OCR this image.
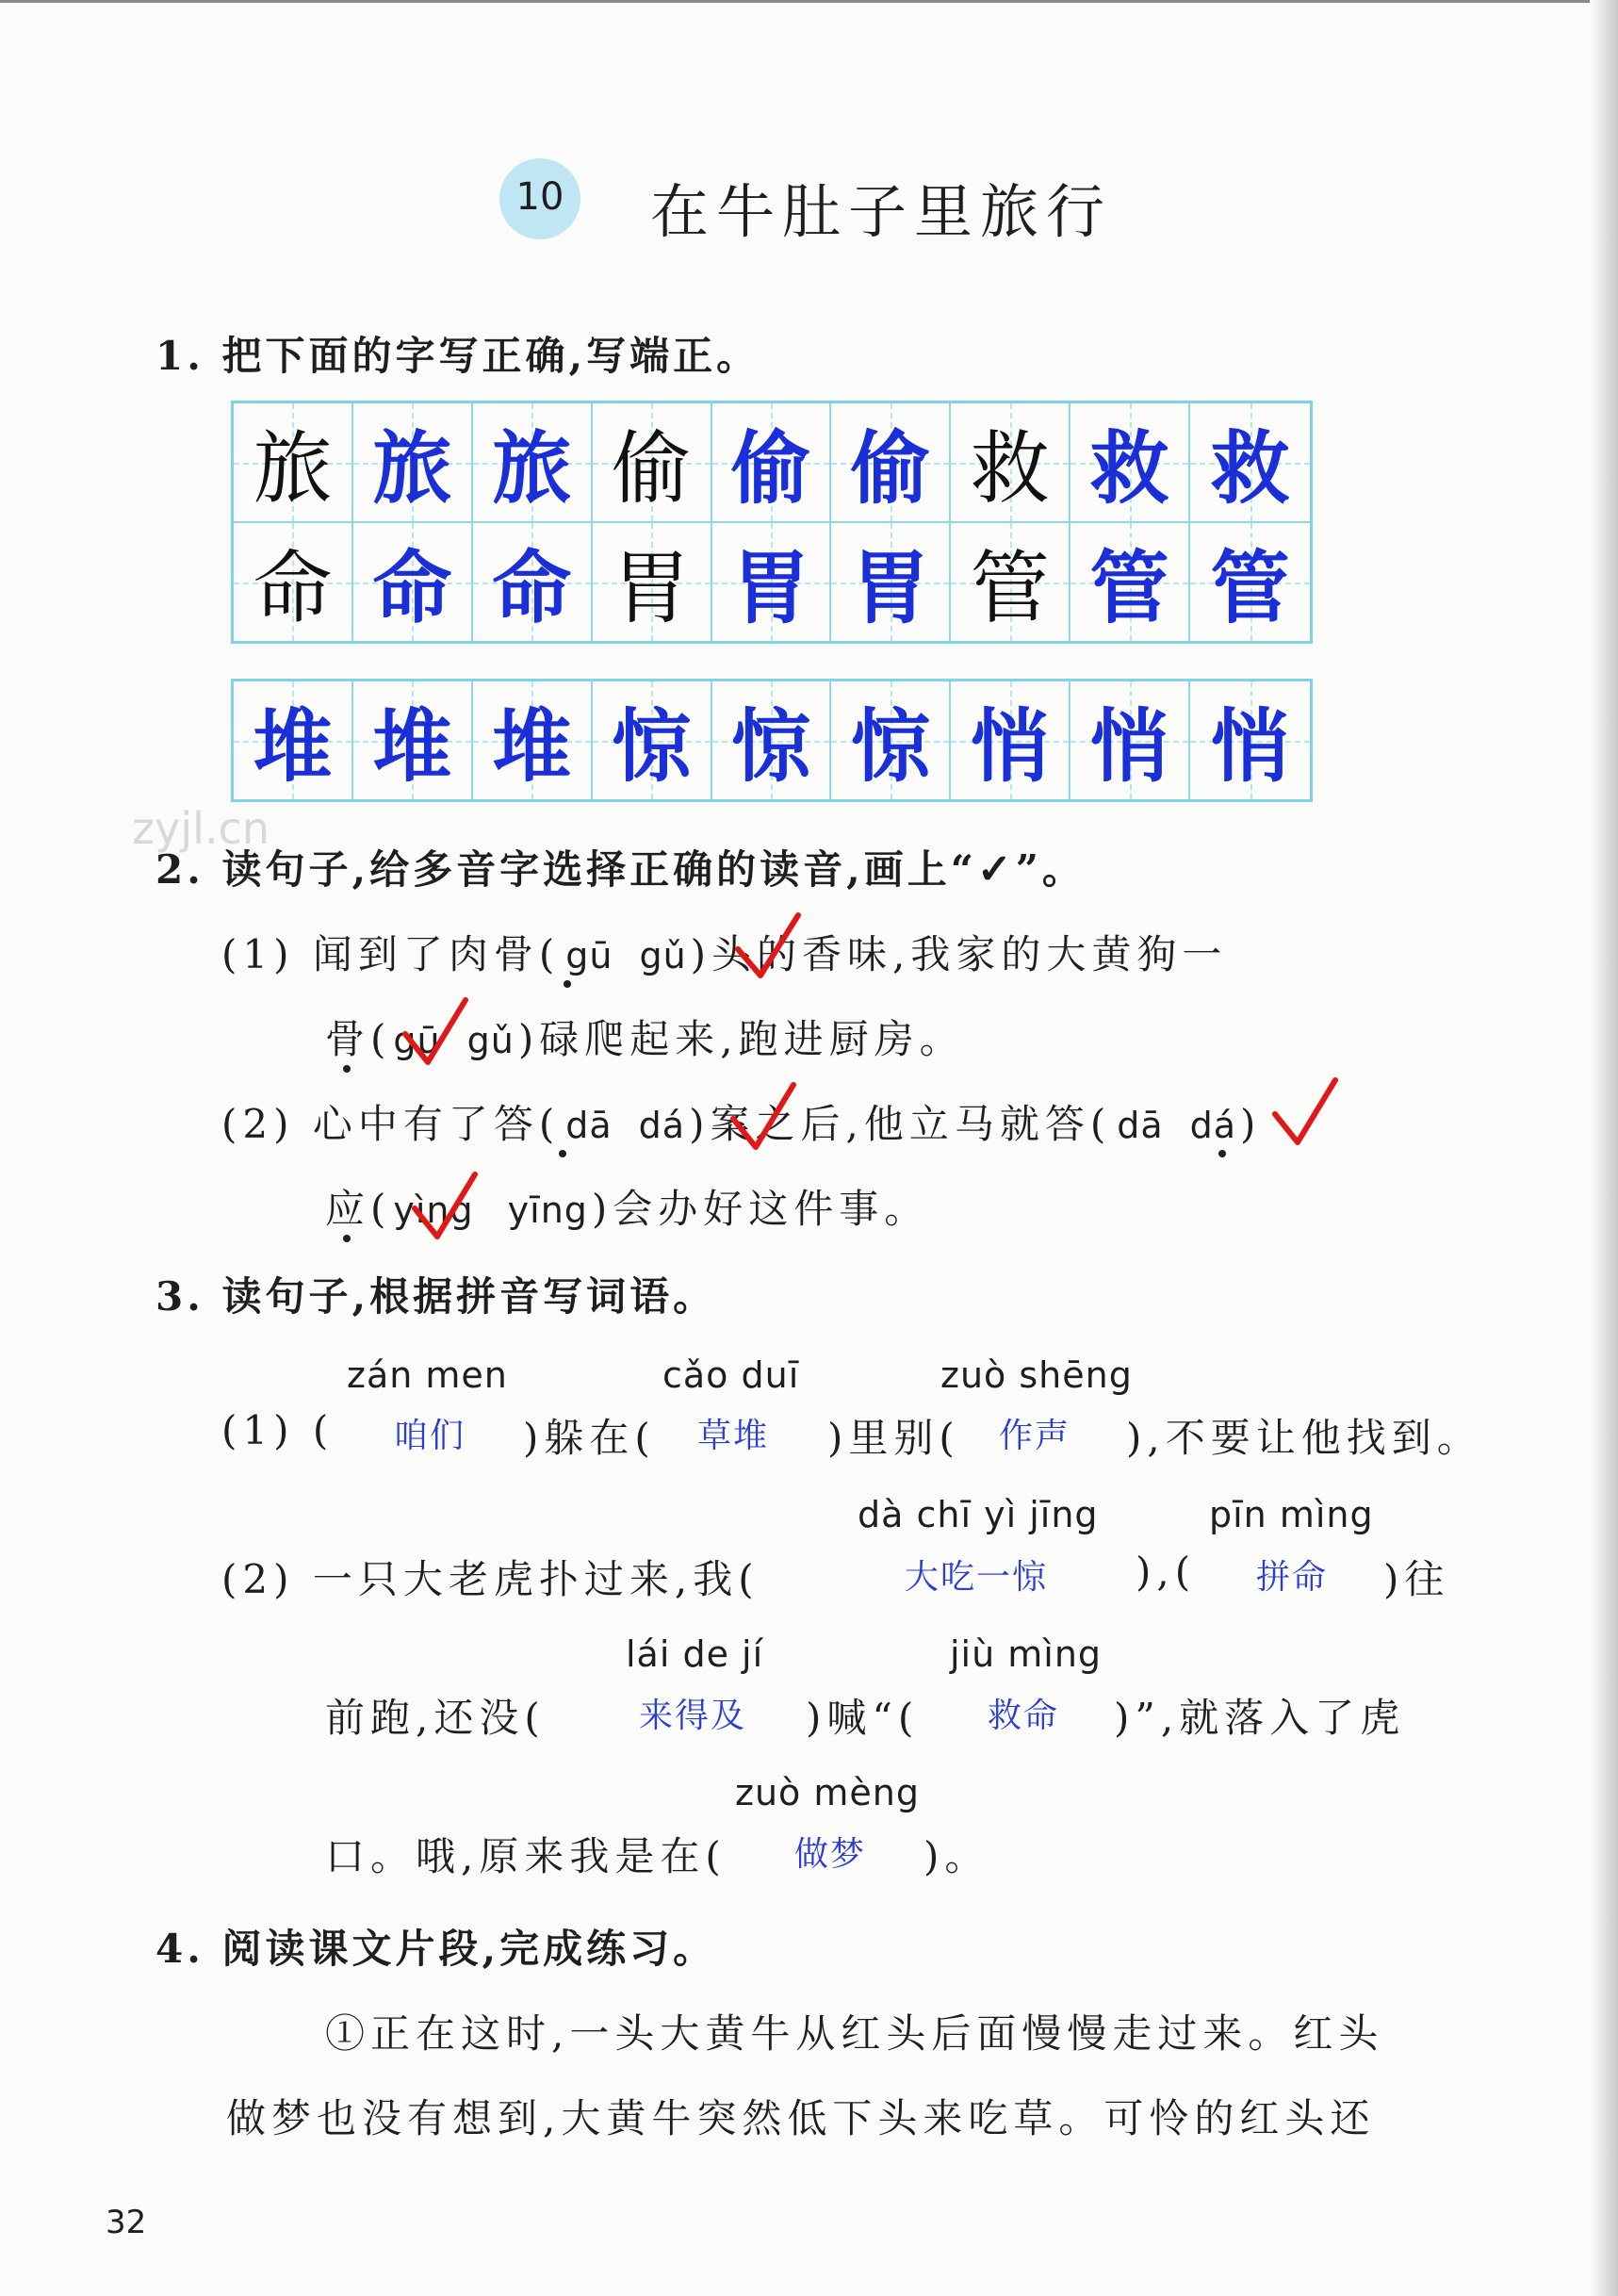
10 在牛肚子里旅行
1. 把下面的字写正确,写端正。
旅 旅 旅 偷 偷 偷 救 救 救
命 命 命 胃 胃 胃 管 管 管
堆 堆 堆 惊 惊 惊 悄 悄 悄
zyjl.cn
2. 读句子,给多音字选择正确的读音,画上“✓”。
(1) 闻到了肉骨( gū gǔ)头的香味,我家的大黄狗一
骨(gū gǔ)碌爬起来,跑进厨房。
(2) 心中有了答( dā dá)案之后,他立马就答( dā dá)
应(yìng yīng)会办好这件事。
3. 读句子,根据拼音写词语。
zán men	cǎo duī	zuò shēng
(1) ( 咱们 )躲在( 草堆 )里别( 作声 ),不要让他找到。
dà chī yì jīng	pīn mìng
(2) 一只大老虎扑过来,我(	大吃一惊 ),( 拼命 )往
lái de jí	jiù mìng
前跑,还没(	来得及 )喊“( 救命 )”,就落入了虎
zuò mèng
口。哦,原来我是在( 做梦 )。
4. 阅读课文片段,完成练习。
①正在这时,一头大黄牛从红头后面慢慢走过来。红头
做梦也没有想到,大黄牛突然低下头来吃草。可怜的红头还
32
